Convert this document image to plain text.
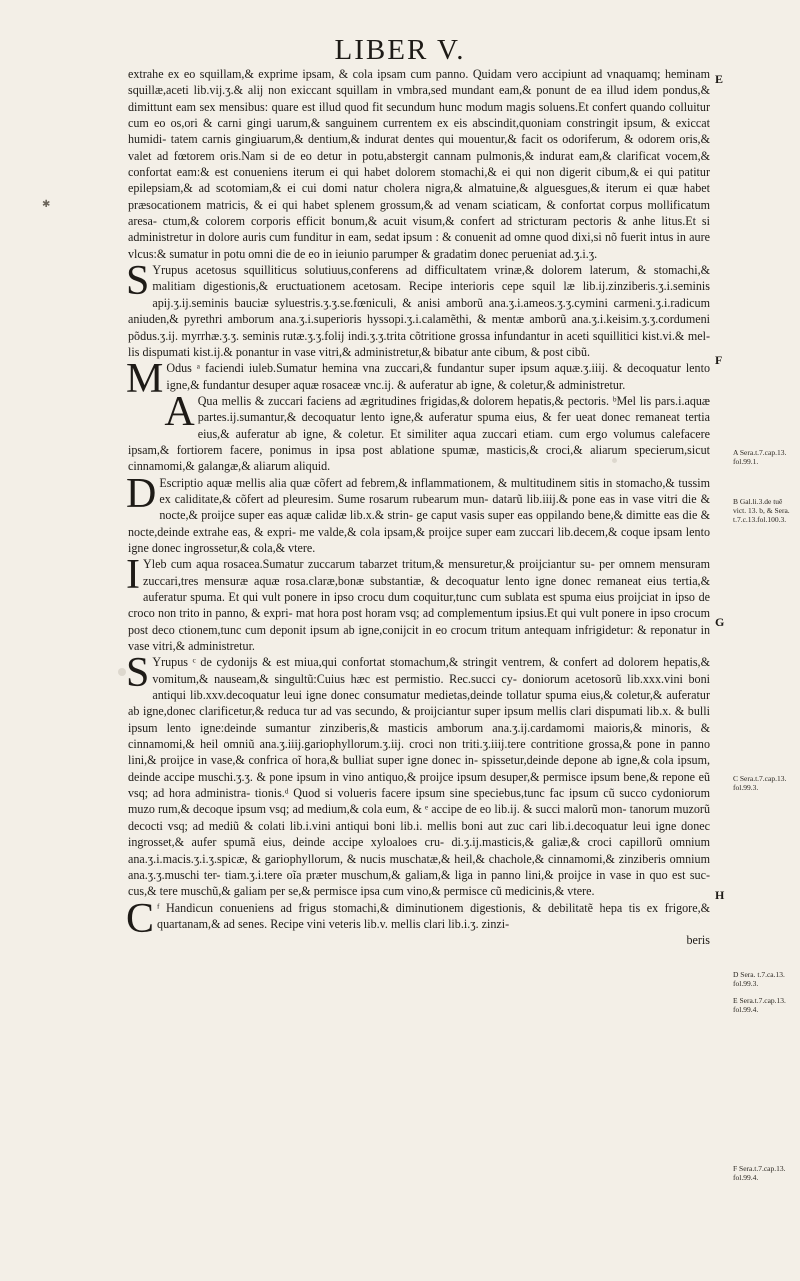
LIBER V.
✱

extrahe ex eo squillam,& exprime ipsam, & cola ipsam cum panno. Quidam vero accipiunt ad vnaquamq; heminam squillæ,aceti lib.vij.ʒ.& alij non exiccant squillam in vmbra,sed mundant eam,& ponunt de ea illud idem pondus,& dimittunt eam sex mensibus: quare est illud quod fit secundum hunc modum magis soluens.Et confert quando colluitur cum eo os,ori & carni gingi uarum,& sanguinem currentem ex eis abscindit,quoniam constringit ipsum, & exiccat humidi- tatem carnis gingiuarum,& dentium,& indurat dentes qui mouentur,& facit os odoriferum, & odorem oris,& valet ad fœtorem oris.Nam si de eo detur in potu,abstergit cannam pulmonis,& indurat eam,& clarificat vocem,& confortat eam:& est conueniens iterum ei qui habet dolorem stomachi,& ei qui non digerit cibum,& ei qui patitur epilepsiam,& ad scotomiam,& ei cui domi natur cholera nigra,& almatuine,& alguesgues,& iterum ei quæ habet præsocationem matricis, & ei qui habet splenem grossum,& ad venam sciaticam, & confortat corpus mollificatum aresa- ctum,& colorem corporis efficit bonum,& acuit visum,& confert ad stricturam pectoris & anhe litus.Et si administretur in dolore auris cum funditur in eam, sedat ipsum : & conuenit ad omne quod dixi,si nõ fuerit intus in aure vlcus:& sumatur in potu omni die de eo in ieiunio parumper & gradatim donec perueniat ad.ʒ.i.ʒ.

S Yrupus acetosus squilliticus solutiuus,conferens ad difficultatem vrinæ,& dolorem laterum, & stomachi,& malitiam digestionis,& eructuationem acetosam. Recipe interioris cepe squil læ lib.ij.zinziberis.ʒ.i.seminis apij.ʒ.ij.seminis bauciæ syluestris.ʒ.ʒ.se.fœniculi, & anisi amborũ ana.ʒ.i.ameos.ʒ.ʒ.cymini carmeni.ʒ.i.radicum aniuden,& pyrethri amborum ana.ʒ.i.superioris hyssopi.ʒ.i.calamẽthi, & mentæ amborũ ana.ʒ.i.keisim.ʒ.ʒ.cordumeni põdus.ʒ.ij. myrrhæ.ʒ.ʒ. seminis rutæ.ʒ.ʒ.folij indi.ʒ.ʒ.trita cõtritione grossa infundantur in aceti squillitici kist.vi.& mel- lis dispumati kist.ij.& ponantur in vase vitri,& administretur,& bibatur ante cibum, & post cibũ.

M Odus ᵃ faciendi iuleb.Sumatur hemina vna zuccari,& fundantur super ipsum aquæ.ʒ.iiij. & decoquatur lento igne,& fundantur desuper aquæ rosaceæ vnc.ij. & auferatur ab igne, & coletur,& administretur.

A Qua mellis & zuccari faciens ad ægritudines frigidas,& dolorem hepatis,& pectoris. ᵇMel lis pars.i.aquæ partes.ij.sumantur,& decoquatur lento igne,& auferatur spuma eius, & fer ueat donec remaneat tertia eius,& auferatur ab igne, & coletur. Et similiter aqua zuccari etiam. cum ergo volumus calefacere ipsam,& fortiorem facere, ponimus in ipsa post ablatione spumæ, masticis,& croci,& aliarum specierum,sicut cinnamomi,& galangæ,& aliarum aliquid.

D Escriptio aquæ mellis alia quæ cõfert ad febrem,& inflammationem, & multitudinem sitis in stomacho,& tussim ex caliditate,& cõfert ad pleuresim. Sume rosarum rubearum mun- datarũ lib.iiij.& pone eas in vase vitri die & nocte,& proijce super eas aquæ calidæ lib.x.& strin- ge caput vasis super eas oppilando bene,& dimitte eas die & nocte,deinde extrahe eas, & expri- me valde,& cola ipsam,& proijce super eam zuccari lib.decem,& coque ipsam lento igne donec ingrossetur,& cola,& vtere.

I Yleb cum aqua rosacea.Sumatur zuccarum tabarzet tritum,& mensuretur,& proijciantur su- per omnem mensuram zuccari,tres mensuræ aquæ rosa.claræ,bonæ substantiæ, & decoquatur lento igne donec remaneat eius tertia,& auferatur spuma. Et qui vult ponere in ipso crocu dum coquitur,tunc cum sublata est spuma eius proijciat in ipso de croco non trito in panno, & expri- mat hora post horam vsq; ad complementum ipsius.Et qui vult ponere in ipso crocum post deco ctionem,tunc cum deponit ipsum ab igne,conijcit in eo crocum tritum antequam infrigidetur: & reponatur in vase vitri,& administretur.

S Yrupus ᶜ de cydonijs & est miua,qui confortat stomachum,& stringit ventrem, & confert ad dolorem hepatis,& vomitum,& nauseam,& singultũ:Cuius hæc est permistio. Rec.succi cy- doniorum acetosorũ lib.xxx.vini boni antiqui lib.xxv.decoquatur leui igne donec consumatur medietas,deinde tollatur spuma eius,& coletur,& auferatur ab igne,donec clarificetur,& reduca tur ad vas secundo, & proijciantur super ipsum mellis clari dispumati lib.x. & bulli ipsum lento igne:deinde sumantur zinziberis,& masticis amborum ana.ʒ.ij.cardamomi maioris,& minoris, & cinnamomi,& heil omniũ ana.ʒ.iiij.gariophyllorum.ʒ.iij. croci non triti.ʒ.iiij.tere contritione grossa,& pone in panno lini,& proijce in vase,& confrica oĩ hora,& bulliat super igne donec in- spissetur,deinde depone ab igne,& cola ipsum, deinde accipe muschi.ʒ.ʒ. & pone ipsum in vino antiquo,& proijce ipsum desuper,& permisce ipsum bene,& repone eũ vsq; ad hora administra- tionis.ᵈ Quod si volueris facere ipsum sine speciebus,tunc fac ipsum cũ succo cydoniorum muzo rum,& decoque ipsum vsq; ad medium,& cola eum, & ᵉ accipe de eo lib.ij. & succi malorũ mon- tanorum muzorũ decocti vsq; ad mediũ & colati lib.i.vini antiqui boni lib.i. mellis boni aut zuc cari lib.i.decoquatur leui igne donec ingrosset,& aufer spumã eius, deinde accipe xyloaloes cru- di.ʒ.ij.masticis,& galiæ,& croci capillorũ omnium ana.ʒ.i.macis.ʒ.i.ʒ.spicæ, & gariophyllorum, & nucis muschatæ,& heil,& chachole,& cinnamomi,& zinziberis omnium ana.ʒ.ʒ.muschi ter- tiam.ʒ.i.tere oĩa præter muschum,& galiam,& liga in panno lini,& proijce in vase in quo est suc- cus,& tere muschũ,& galiam per se,& permisce ipsa cum vino,& permisce cũ medicinis,& vtere.

C ᶠ Handicun conueniens ad frigus stomachi,& diminutionem digestionis, & debilitatẽ hepa tis ex frigore,& quartanam,& ad senes. Recipe vini veteris lib.v. mellis clari lib.i.ʒ. zinzi-

beris

E
F
G
H
A Sera.t.7.cap.13. fol.99.1.
B Gal.li.3.de tuẽ vict. 13. b, & Sera. t.7.c.13.fol.100.3.
C Sera.t.7.cap.13. fol.99.3.
D Sera. t.7.ca.13. fol.99.3.
E Sera.t.7.cap.13. fol.99.4.
F Sera.t.7.cap.13. fol.99.4.
